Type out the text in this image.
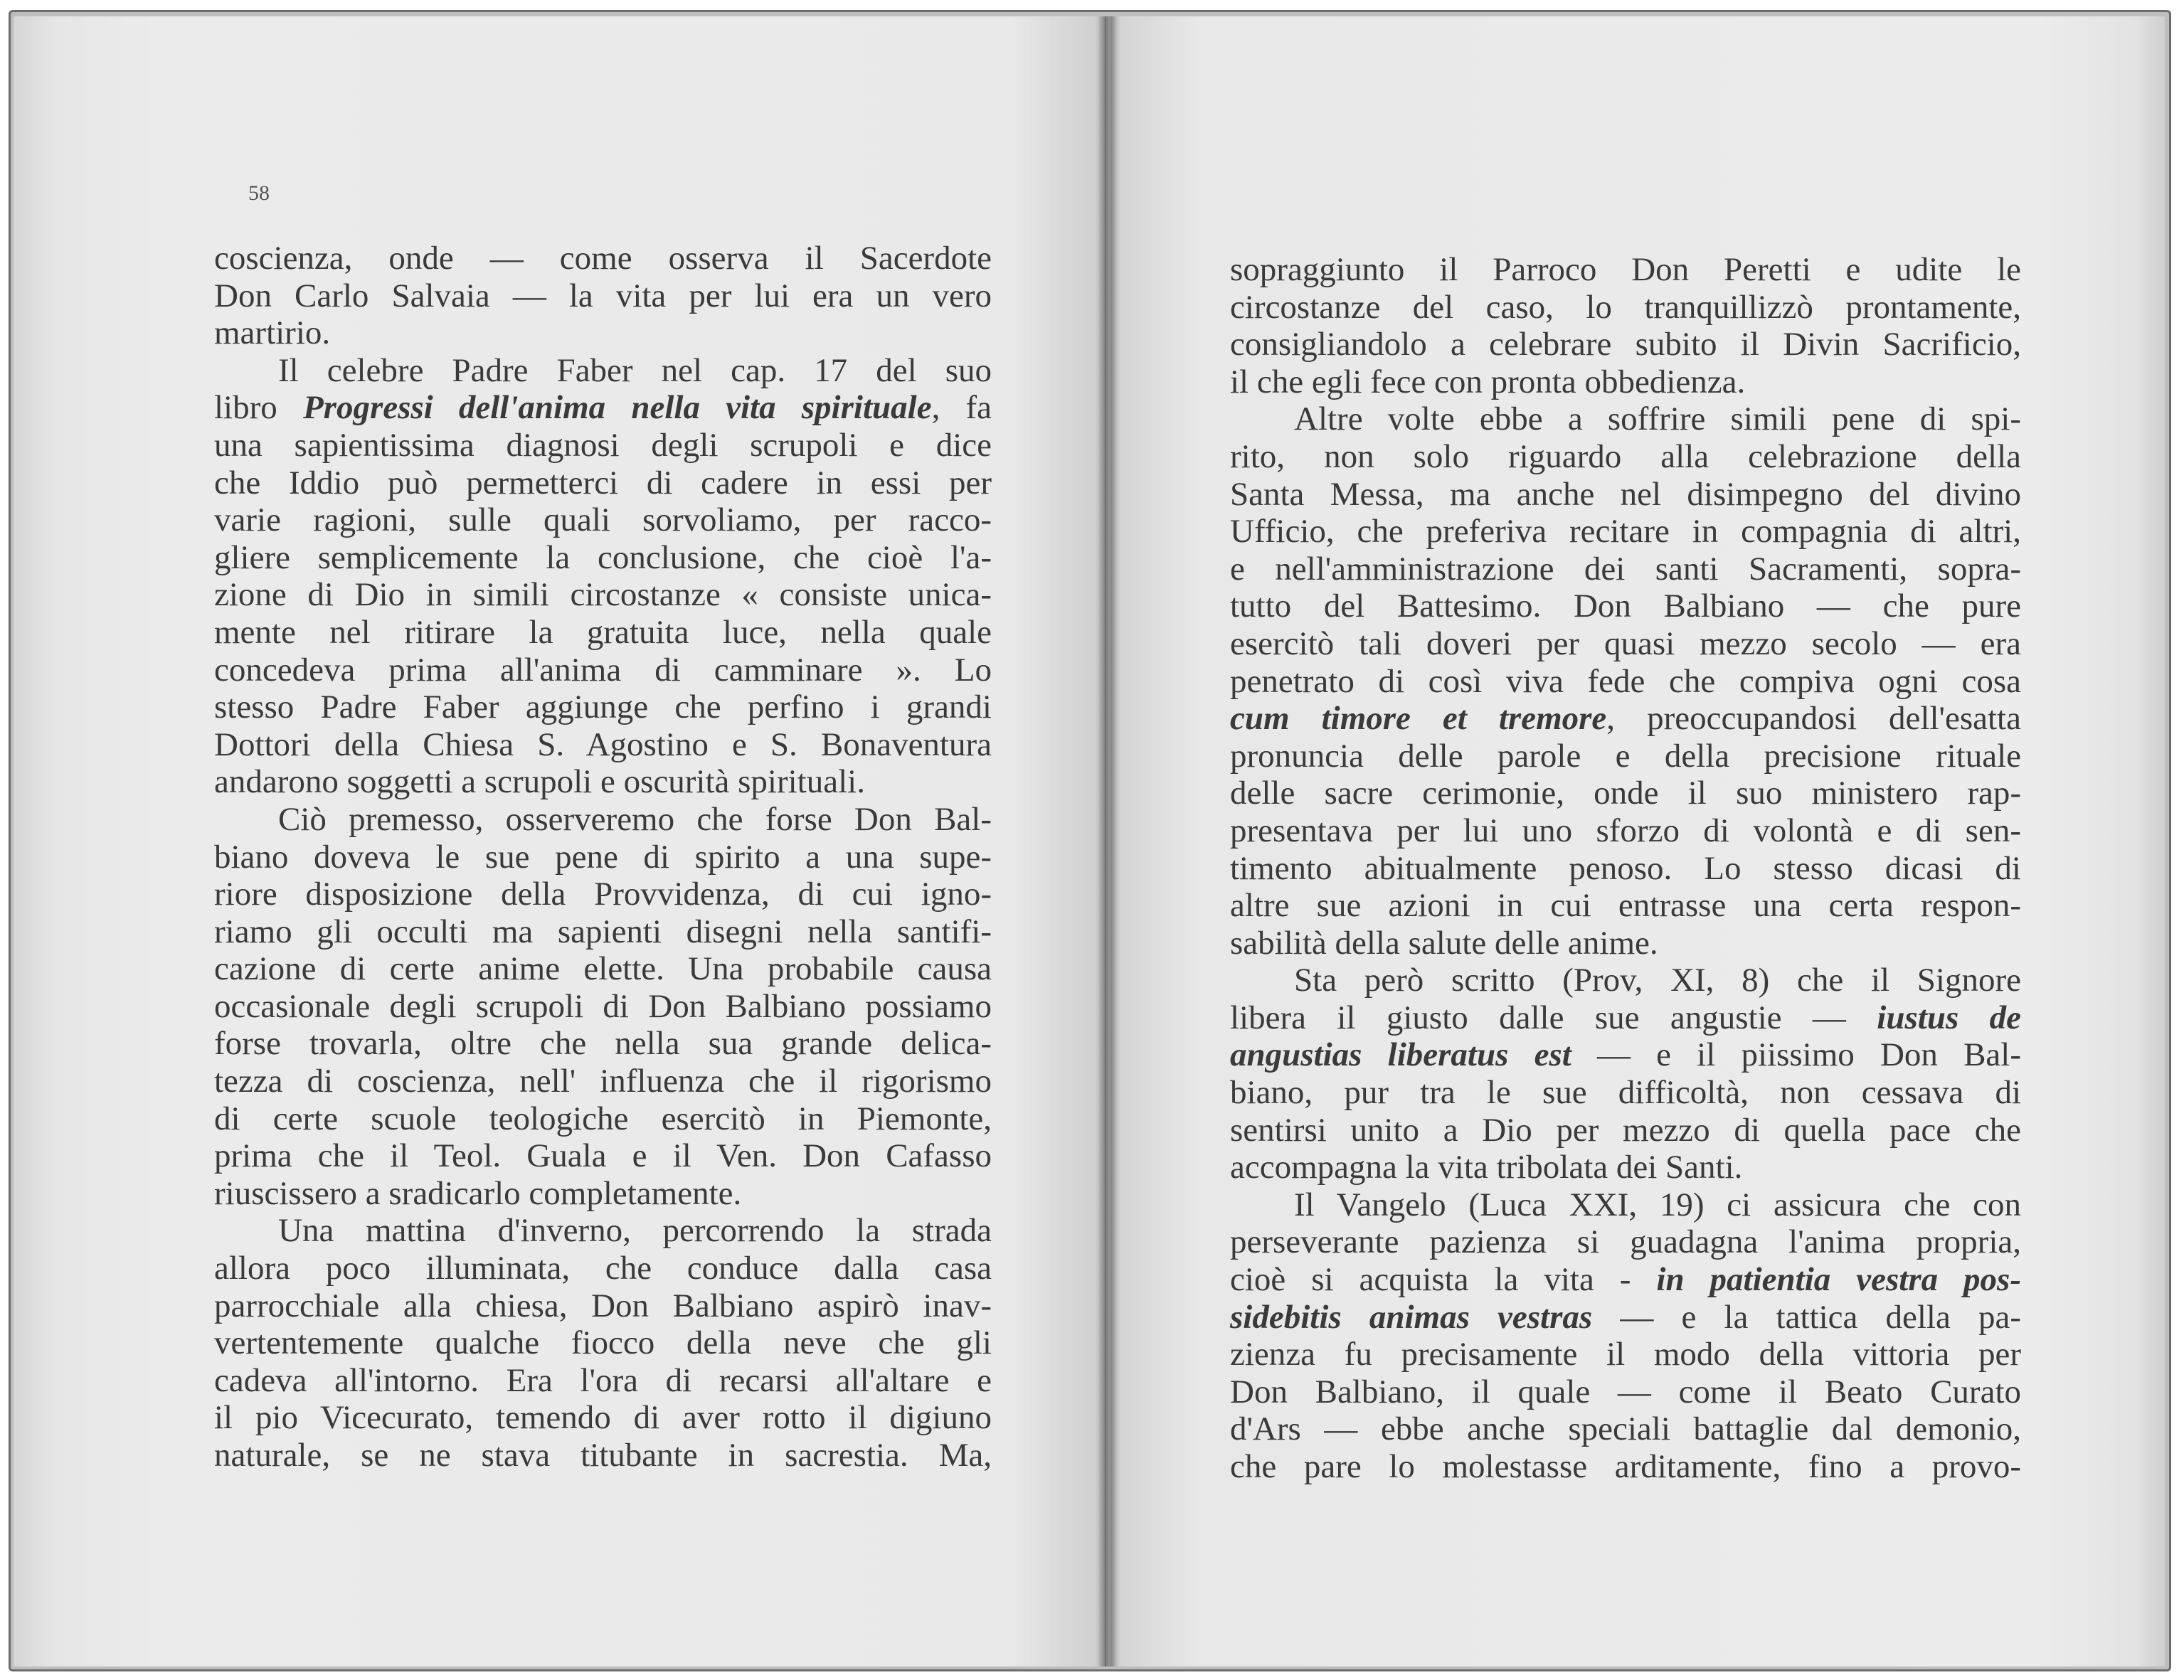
58
coscienza, onde — come osserva il Sacerdote
Don Carlo Salvaia — la vita per lui era un vero
martirio.
Il celebre Padre Faber nel cap. 17 del suo
libro Progressi dell'anima nella vita spirituale, fa
una sapientissima diagnosi degli scrupoli e dice
che Iddio può permetterci di cadere in essi per
varie ragioni, sulle quali sorvoliamo, per racco-
gliere semplicemente la conclusione, che cioè l'a-
zione di Dio in simili circostanze « consiste unica-
mente nel ritirare la gratuita luce, nella quale
concedeva prima all'anima di camminare ». Lo
stesso Padre Faber aggiunge che perfino i grandi
Dottori della Chiesa S. Agostino e S. Bonaventura
andarono soggetti a scrupoli e oscurità spirituali.
Ciò premesso, osserveremo che forse Don Bal-
biano doveva le sue pene di spirito a una supe-
riore disposizione della Provvidenza, di cui igno-
riamo gli occulti ma sapienti disegni nella santifi-
cazione di certe anime elette. Una probabile causa
occasionale degli scrupoli di Don Balbiano possiamo
forse trovarla, oltre che nella sua grande delica-
tezza di coscienza, nell' influenza che il rigorismo
di certe scuole teologiche esercitò in Piemonte,
prima che il Teol. Guala e il Ven. Don Cafasso
riuscissero a sradicarlo completamente.
Una mattina d'inverno, percorrendo la strada
allora poco illuminata, che conduce dalla casa
parrocchiale alla chiesa, Don Balbiano aspirò inav-
vertentemente qualche fiocco della neve che gli
cadeva all'intorno. Era l'ora di recarsi all'altare e
il pio Vicecurato, temendo di aver rotto il digiuno
naturale, se ne stava titubante in sacrestia. Ma,
sopraggiunto il Parroco Don Peretti e udite le
circostanze del caso, lo tranquillizzò prontamente,
consigliandolo a celebrare subito il Divin Sacrificio,
il che egli fece con pronta obbedienza.
Altre volte ebbe a soffrire simili pene di spi-
rito, non solo riguardo alla celebrazione della
Santa Messa, ma anche nel disimpegno del divino
Ufficio, che preferiva recitare in compagnia di altri,
e nell'amministrazione dei santi Sacramenti, sopra-
tutto del Battesimo. Don Balbiano — che pure
esercitò tali doveri per quasi mezzo secolo — era
penetrato di così viva fede che compiva ogni cosa
cum timore et tremore, preoccupandosi dell'esatta
pronuncia delle parole e della precisione rituale
delle sacre cerimonie, onde il suo ministero rap-
presentava per lui uno sforzo di volontà e di sen-
timento abitualmente penoso. Lo stesso dicasi di
altre sue azioni in cui entrasse una certa respon-
sabilità della salute delle anime.
Sta però scritto (Prov, XI, 8) che il Signore
libera il giusto dalle sue angustie — iustus de
angustias liberatus est — e il piissimo Don Bal-
biano, pur tra le sue difficoltà, non cessava di
sentirsi unito a Dio per mezzo di quella pace che
accompagna la vita tribolata dei Santi.
Il Vangelo (Luca XXI, 19) ci assicura che con
perseverante pazienza si guadagna l'anima propria,
cioè si acquista la vita - in patientia vestra pos-
sidebitis animas vestras — e la tattica della pa-
zienza fu precisamente il modo della vittoria per
Don Balbiano, il quale — come il Beato Curato
d'Ars — ebbe anche speciali battaglie dal demonio,
che pare lo molestasse arditamente, fino a provo-
